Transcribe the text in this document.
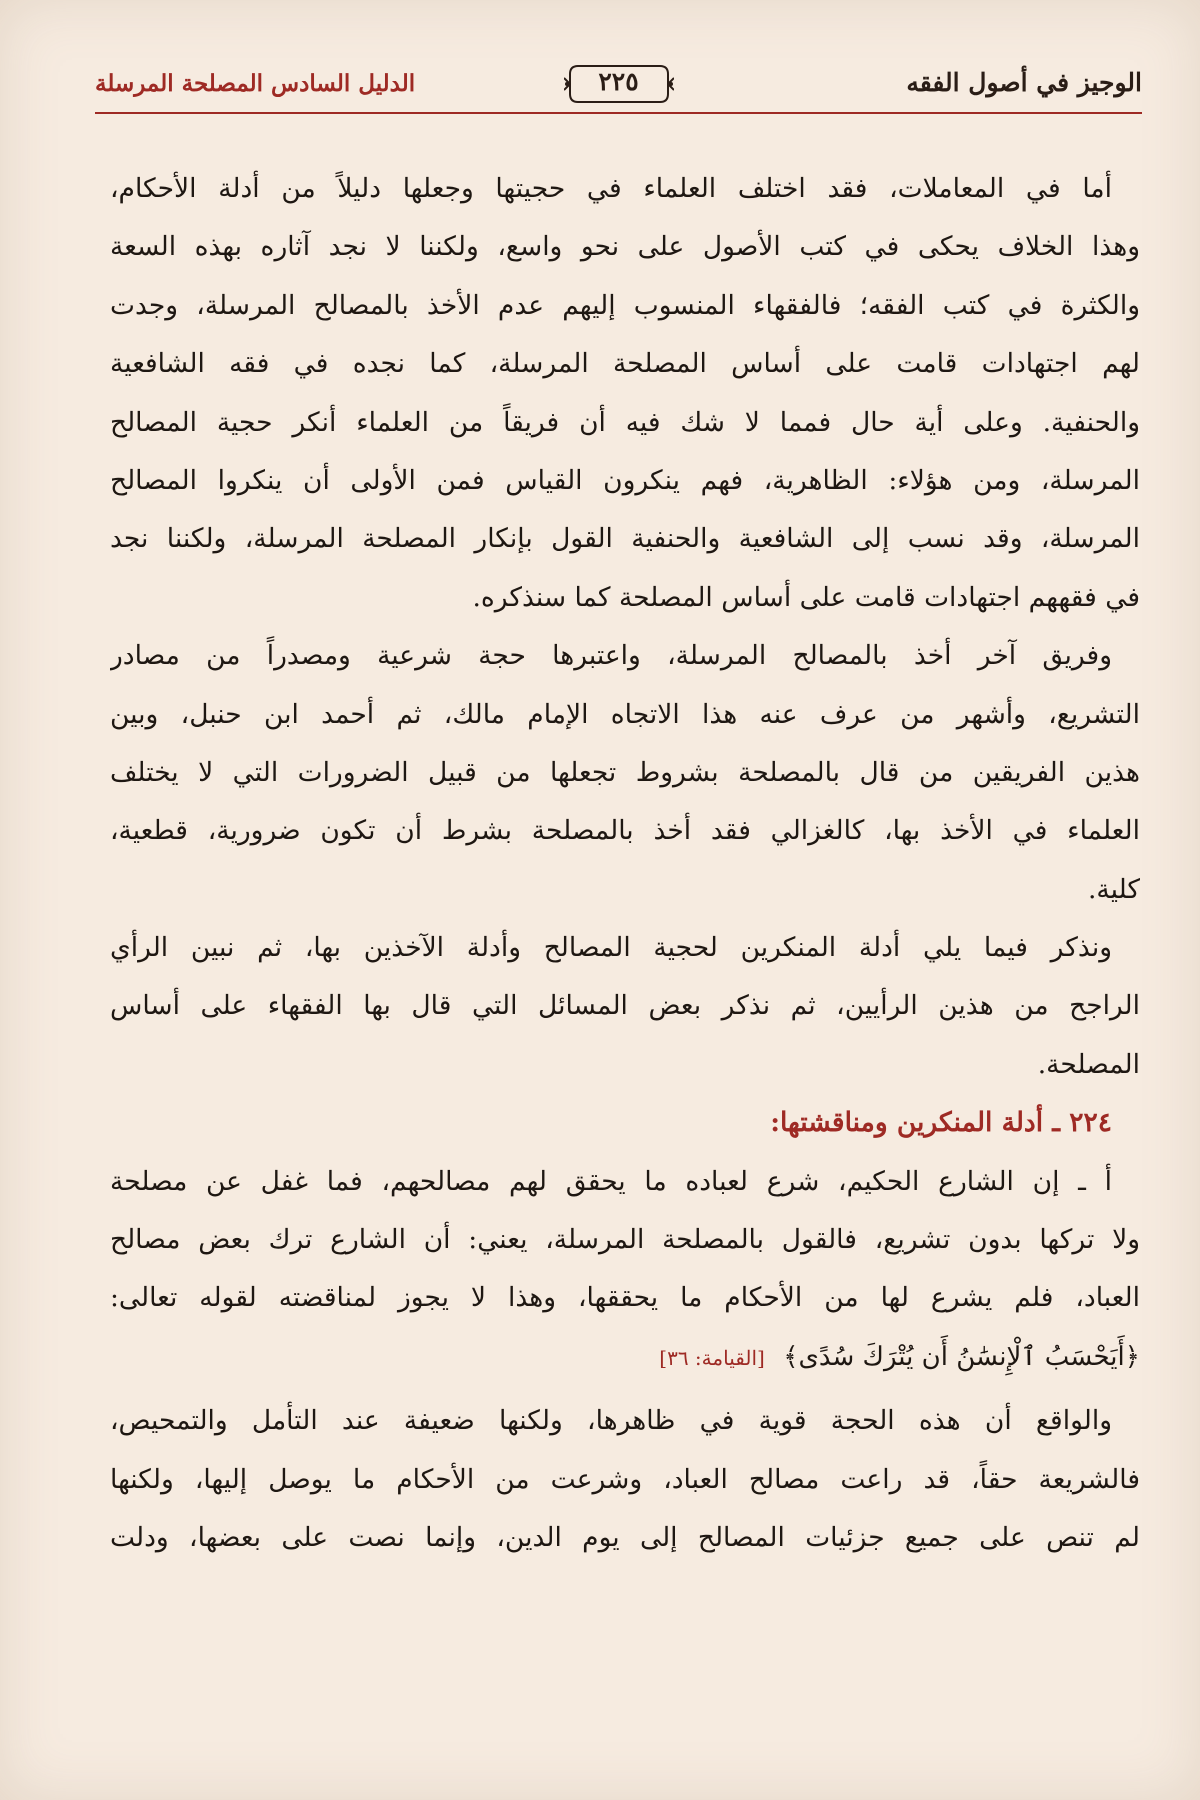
الوجيز في أصول الفقه
٢٢٥
الدليل السادس المصلحة المرسلة
أما في المعاملات، فقد اختلف العلماء في حجيتها وجعلها دليلاً من أدلة الأحكام،
وهذا الخلاف يحكى في كتب الأصول على نحو واسع، ولكننا لا نجد آثاره بهذه السعة
والكثرة في كتب الفقه؛ فالفقهاء المنسوب إليهم عدم الأخذ بالمصالح المرسلة، وجدت
لهم اجتهادات قامت على أساس المصلحة المرسلة، كما نجده في فقه الشافعية
والحنفية. وعلى أية حال فمما لا شك فيه أن فريقاً من العلماء أنكر حجية المصالح
المرسلة، ومن هؤلاء: الظاهرية، فهم ينكرون القياس فمن الأولى أن ينكروا المصالح
المرسلة، وقد نسب إلى الشافعية والحنفية القول بإنكار المصلحة المرسلة، ولكننا نجد
في فقههم اجتهادات قامت على أساس المصلحة كما سنذكره.
وفريق آخر أخذ بالمصالح المرسلة، واعتبرها حجة شرعية ومصدراً من مصادر
التشريع، وأشهر من عرف عنه هذا الاتجاه الإمام مالك، ثم أحمد ابن حنبل، وبين
هذين الفريقين من قال بالمصلحة بشروط تجعلها من قبيل الضرورات التي لا يختلف
العلماء في الأخذ بها، كالغزالي فقد أخذ بالمصلحة بشرط أن تكون ضرورية، قطعية،
كلية.
ونذكر فيما يلي أدلة المنكرين لحجية المصالح وأدلة الآخذين بها، ثم نبين الرأي
الراجح من هذين الرأيين، ثم نذكر بعض المسائل التي قال بها الفقهاء على أساس
المصلحة.
٢٢٤ ـ أدلة المنكرين ومناقشتها:
أ ـ إن الشارع الحكيم، شرع لعباده ما يحقق لهم مصالحهم، فما غفل عن مصلحة
ولا تركها بدون تشريع، فالقول بالمصلحة المرسلة، يعني: أن الشارع ترك بعض مصالح
العباد، فلم يشرع لها من الأحكام ما يحققها، وهذا لا يجوز لمناقضته لقوله تعالى:
﴿أَيَحْسَبُ ٱلْإِنسَٰنُ أَن يُتْرَكَ سُدًى﴾ [القيامة: ٣٦]
والواقع أن هذه الحجة قوية في ظاهرها، ولكنها ضعيفة عند التأمل والتمحيص،
فالشريعة حقاً، قد راعت مصالح العباد، وشرعت من الأحكام ما يوصل إليها، ولكنها
لم تنص على جميع جزئيات المصالح إلى يوم الدين، وإنما نصت على بعضها، ودلت
